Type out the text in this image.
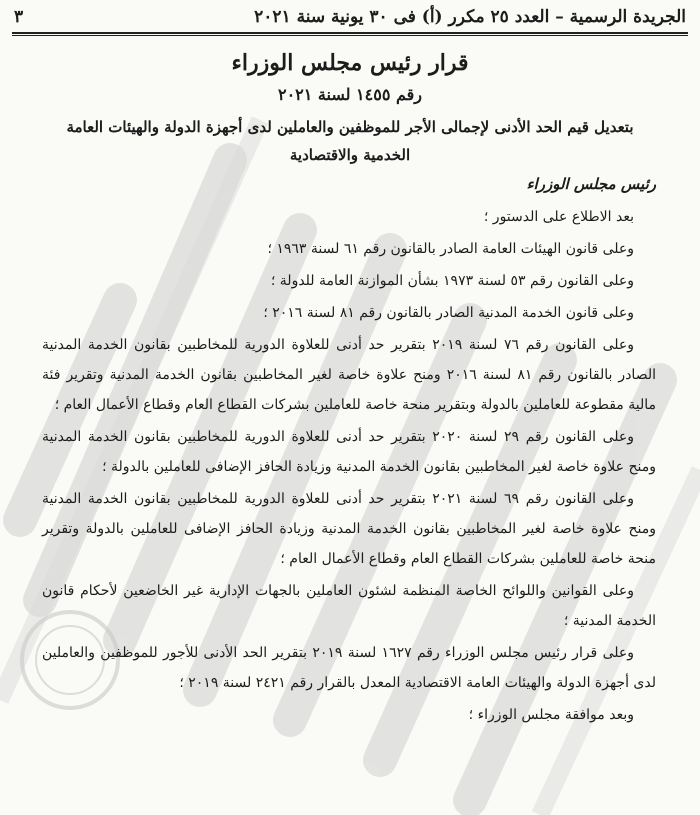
الجريدة الرسمية – العدد ٢٥ مكرر (أ) فى ٣٠ يونية سنة ٢٠٢١
٣
قرار رئيس مجلس الوزراء
رقم ١٤٥٥ لسنة ٢٠٢١
بتعديل قيم الحد الأدنى لإجمالى الأجر للموظفين والعاملين لدى أجهزة الدولة والهيئات العامة الخدمية والاقتصادية
رئيس مجلس الوزراء

بعد الاطلاع على الدستور ؛

وعلى قانون الهيئات العامة الصادر بالقانون رقم ٦١ لسنة ١٩٦٣ ؛

وعلى القانون رقم ٥٣ لسنة ١٩٧٣ بشأن الموازنة العامة للدولة ؛

وعلى قانون الخدمة المدنية الصادر بالقانون رقم ٨١ لسنة ٢٠١٦ ؛

وعلى القانون رقم ٧٦ لسنة ٢٠١٩ بتقرير حد أدنى للعلاوة الدورية للمخاطبين بقانون الخدمة المدنية الصادر بالقانون رقم ٨١ لسنة ٢٠١٦ ومنح علاوة خاصة لغير المخاطبين بقانون الخدمة المدنية وتقرير فئة مالية مقطوعة للعاملين بالدولة وبتقرير منحة خاصة للعاملين بشركات القطاع العام وقطاع الأعمال العام ؛

وعلى القانون رقم ٢٩ لسنة ٢٠٢٠ بتقرير حد أدنى للعلاوة الدورية للمخاطبين بقانون الخدمة المدنية ومنح علاوة خاصة لغير المخاطبين بقانون الخدمة المدنية وزيادة الحافز الإضافى للعاملين بالدولة ؛

وعلى القانون رقم ٦٩ لسنة ٢٠٢١ بتقرير حد أدنى للعلاوة الدورية للمخاطبين بقانون الخدمة المدنية ومنح علاوة خاصة لغير المخاطبين بقانون الخدمة المدنية وزيادة الحافز الإضافى للعاملين بالدولة وتقرير منحة خاصة للعاملين بشركات القطاع العام وقطاع الأعمال العام ؛

وعلى القوانين واللوائح الخاصة المنظمة لشئون العاملين بالجهات الإدارية غير الخاضعين لأحكام قانون الخدمة المدنية ؛

وعلى قرار رئيس مجلس الوزراء رقم ١٦٢٧ لسنة ٢٠١٩ بتقرير الحد الأدنى للأجور للموظفين والعاملين لدى أجهزة الدولة والهيئات العامة الاقتصادية المعدل بالقرار رقم ٢٤٢١ لسنة ٢٠١٩ ؛

وبعد موافقة مجلس الوزراء ؛
